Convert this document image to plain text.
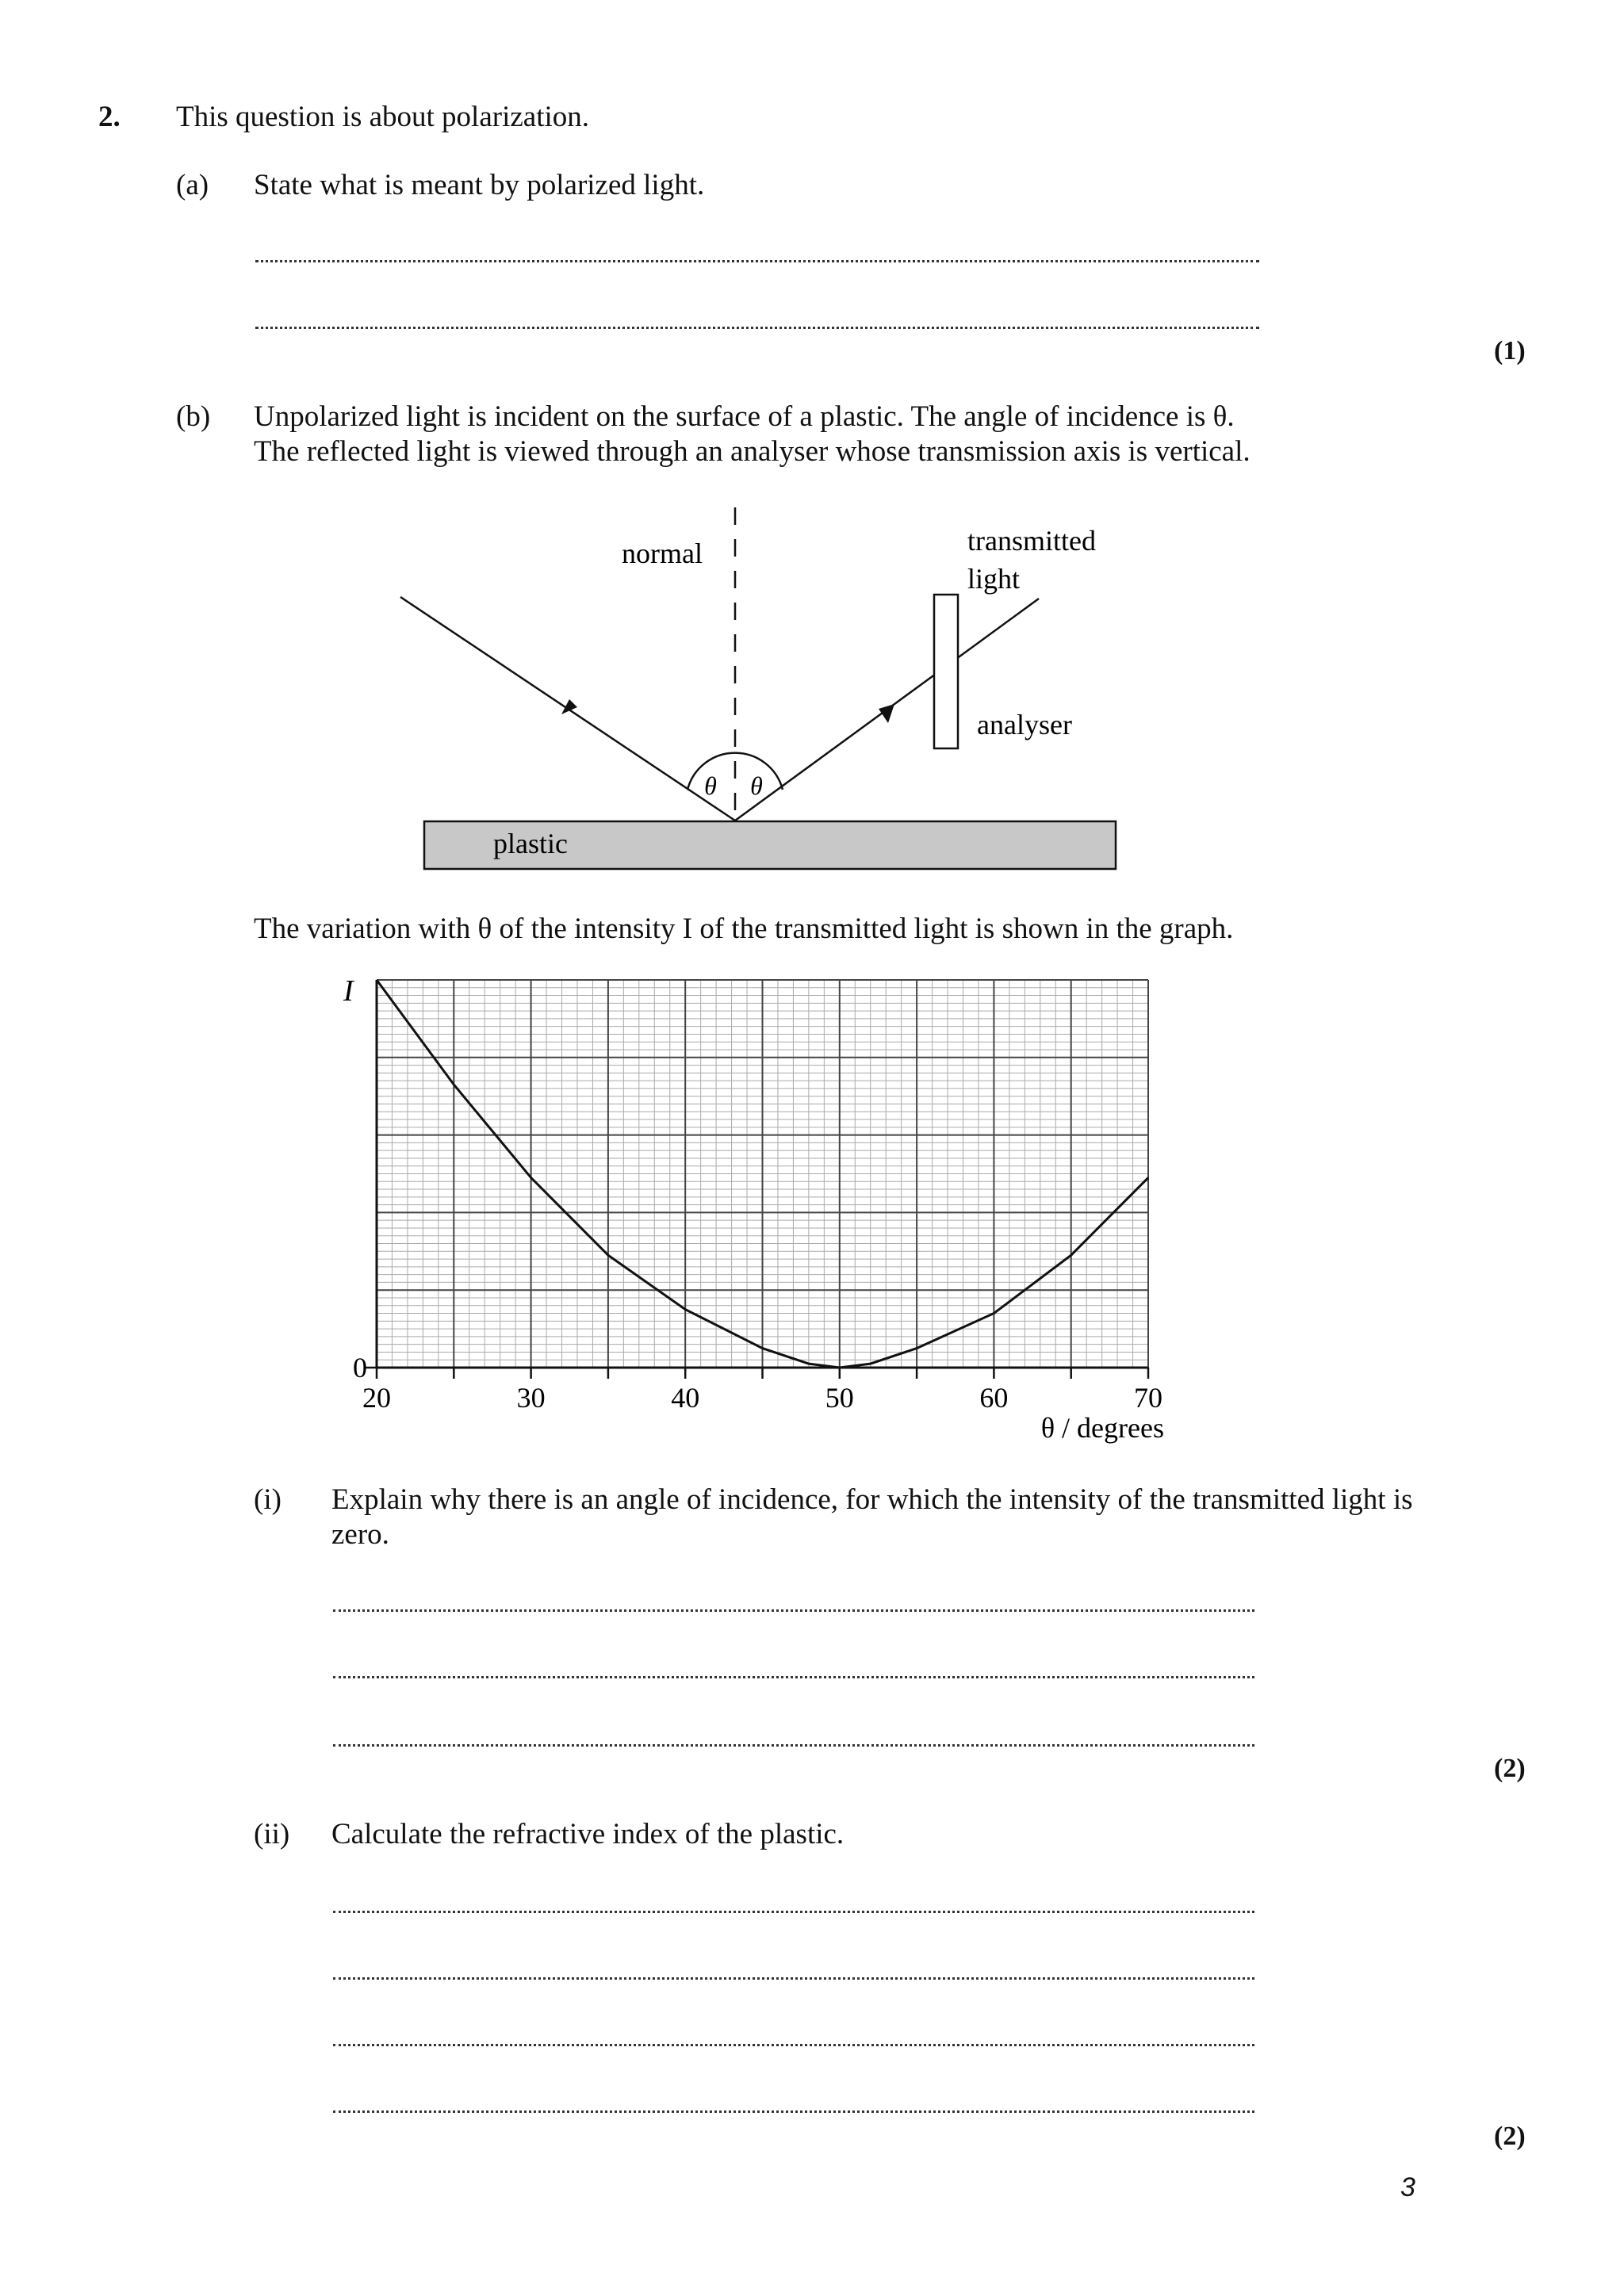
2. This question is about polarization.
(a) State what is meant by polarized light.
(1)
(b) Unpolarized light is incident on the surface of a plastic. The angle of incidence is θ.
The reflected light is viewed through an analyser whose transmission axis is vertical.
θ θ
plastic
normal	transmitted
light
analyser
The variation with θ of the intensity I of the transmitted light is shown in the graph.
I
θ / degrees
20	30	40	50	60	70
0
(i) Explain why there is an angle of incidence, for which the intensity of the transmitted light is
zero.
(2)
(ii) Calculate the refractive index of the plastic.
(2)
3
